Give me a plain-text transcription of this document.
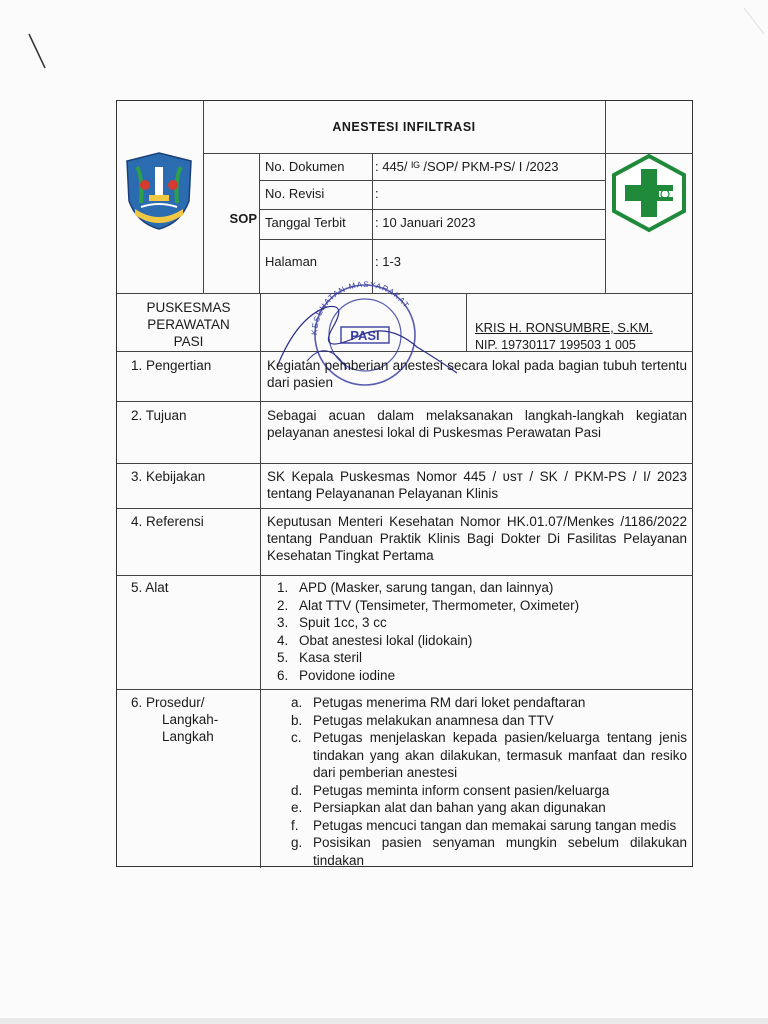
ANESTESI INFILTRASI
SOP
No. Dokumen : 445/ ᴵᴳ /SOP/ PKM-PS/ I /2023
No. Revisi	:
Tanggal Terbit : 10 Januari 2023
Halaman	: 1-3
PUSKESMAS
PERAWATAN
PASI
KESEHATAN MASYARAKAT
PASI
KRIS H. RONSUMBRE, S.KM.
NIP. 19730117 199503 1 005
1. Pengertian	Kegiatan pemberian anestesi secara lokal pada bagian tubuh tertentu dari pasien
2. Tujuan	Sebagai acuan dalam melaksanakan langkah-langkah kegiatan pelayanan anestesi lokal di Puskesmas Perawatan Pasi
3. Kebijakan	SK Kepala Puskesmas Nomor 445 / ʋѕᴛ / SK / PKM-PS / I/ 2023 tentang Pelayananan Pelayanan Klinis
4. Referensi	Keputusan Menteri Kesehatan Nomor HK.01.07/Menkes /1186/2022 tentang Panduan Praktik Klinis Bagi Dokter Di Fasilitas Pelayanan Kesehatan Tingkat Pertama
5. Alat	1. APD (Masker, sarung tangan, dan lainnya)
2. Alat TTV (Tensimeter, Thermometer, Oximeter)
3. Spuit 1cc, 3 cc
4. Obat anestesi lokal (lidokain)
5. Kasa steril
6. Povidone iodine
6. Prosedur/
Langkah-
Langkah
a. Petugas menerima RM dari loket pendaftaran
b. Petugas melakukan anamnesa dan TTV
c. Petugas menjelaskan kepada pasien/keluarga tentang jenis tindakan yang akan dilakukan, termasuk manfaat dan resiko dari pemberian anestesi
d. Petugas meminta inform consent pasien/keluarga
e. Persiapkan alat dan bahan yang akan digunakan
f.	Petugas mencuci tangan dan memakai sarung tangan medis
g. Posisikan pasien senyaman mungkin sebelum dilakukan tindakan
